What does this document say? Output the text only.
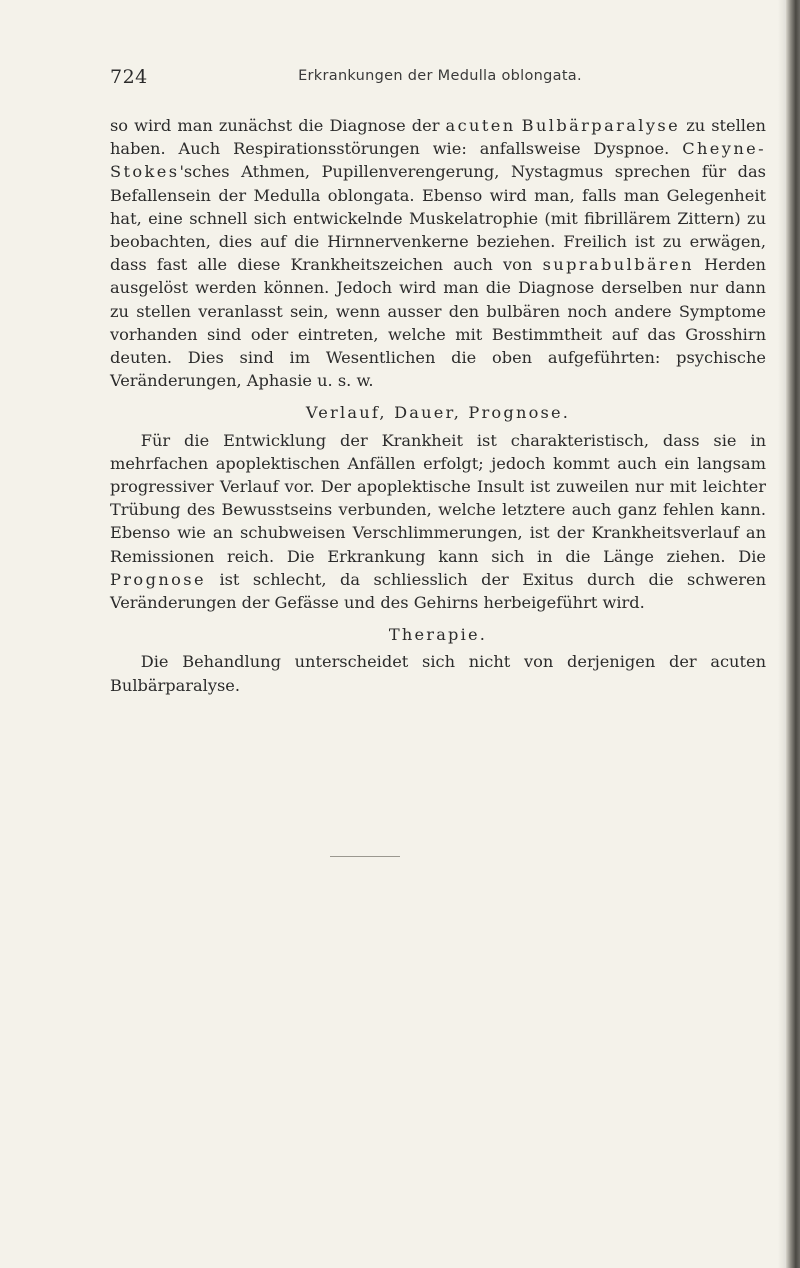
724	Erkrankungen der Medulla oblongata.

so wird man zunächst die Diagnose der acuten Bulbärparalyse zu stellen haben. Auch Respirationsstörungen wie: anfallsweise Dyspnoe. Cheyne-Stokes'sches Athmen, Pupillenverengerung, Nystagmus sprechen für das Befallensein der Medulla oblongata. Ebenso wird man, falls man Gelegenheit hat, eine schnell sich entwickelnde Muskelatrophie (mit fibrillärem Zittern) zu beobachten, dies auf die Hirnnervenkerne beziehen. Freilich ist zu erwägen, dass fast alle diese Krankheitszeichen auch von suprabulbären Herden ausgelöst werden können. Jedoch wird man die Diagnose derselben nur dann zu stellen veranlasst sein, wenn ausser den bulbären noch andere Symptome vorhanden sind oder eintreten, welche mit Bestimmtheit auf das Grosshirn deuten. Dies sind im Wesentlichen die oben aufgeführten: psychische Veränderungen, Aphasie u. s. w.

Verlauf, Dauer, Prognose.

Für die Entwicklung der Krankheit ist charakteristisch, dass sie in mehrfachen apoplektischen Anfällen erfolgt; jedoch kommt auch ein langsam progressiver Verlauf vor. Der apoplektische Insult ist zuweilen nur mit leichter Trübung des Bewusstseins verbunden, welche letztere auch ganz fehlen kann. Ebenso wie an schubweisen Verschlimmerungen, ist der Krankheitsverlauf an Remissionen reich. Die Erkrankung kann sich in die Länge ziehen. Die Prognose ist schlecht, da schliesslich der Exitus durch die schweren Veränderungen der Gefässe und des Gehirns herbeigeführt wird.

Therapie.

Die Behandlung unterscheidet sich nicht von derjenigen der acuten Bulbärparalyse.
